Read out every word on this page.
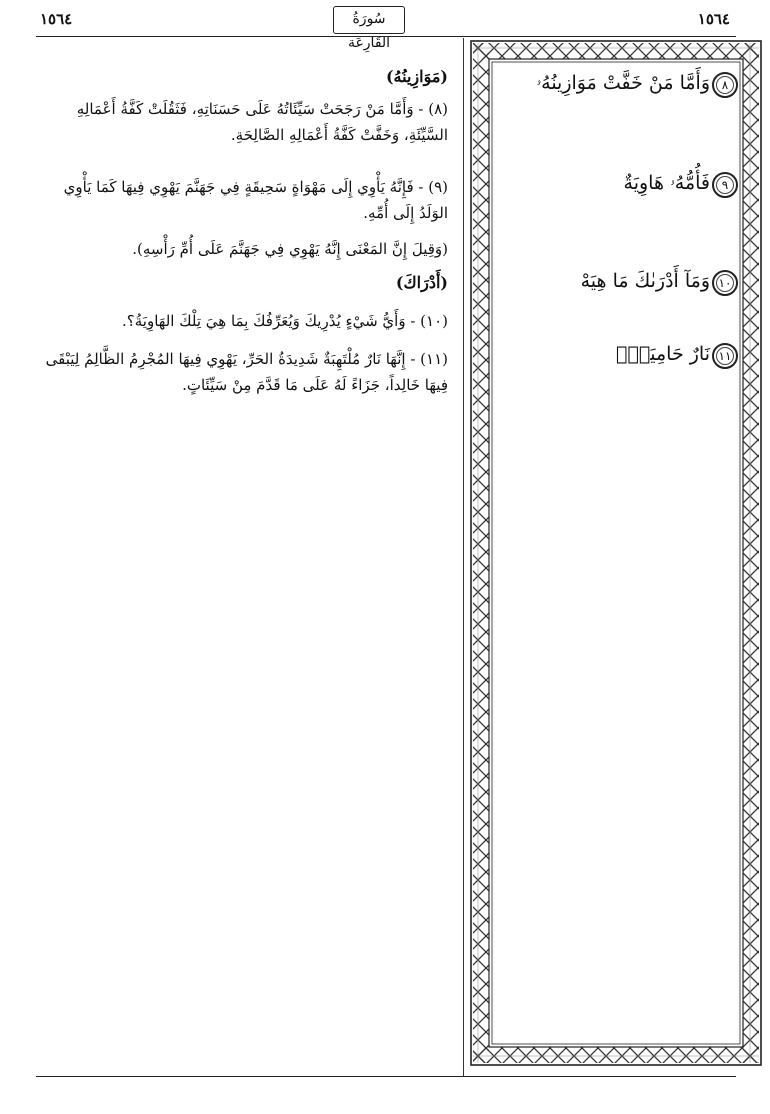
١٥٦٤	١٥٦٤
سُورَةُ القَارِعَة
وَأَمَّا مَنْ خَفَّتْ مَوَازِينُهُۥ ٨
فَأُمُّهُۥ هَاوِيَةٌ ٩
وَمَآ أَدْرَىٰكَ مَا هِيَهْ ١٠
نَارٌ حَامِيَةٌۢ ١١
(مَوَازِينُهُ)
(٨) - وَأَمَّا مَنْ رَجَحَتْ سَيِّئَاتُهُ عَلَى حَسَنَاتِهِ، فَثَقُلَتْ كَفَّةُ أَعْمَالِهِ السَّيِّئَةِ، وَخَفَّتْ كَفَّةُ أَعْمَالِهِ الصَّالِحَةِ.
(٩) - فَإِنَّهُ يَأْوِي إِلَى مَهْوَاةٍ سَحِيقَةٍ فِي جَهَنَّمَ يَهْوِي فِيهَا كَمَا يَأْوِي الوَلَدُ إِلَى أُمِّهِ.
(وَقِيلَ إِنَّ المَعْنَى إِنَّهُ يَهْوِي فِي جَهَنَّمَ عَلَى أُمِّ رَأْسِهِ).
(أَدْرَاكَ)
(١٠) - وَأَيُّ شَيْءٍ يُدْرِيكَ وَيُعَرِّفُكَ بِمَا هِيَ تِلْكَ الهَاوِيَةُ؟.
(١١) - إِنَّهَا نَارٌ مُلْتَهِبَةٌ شَدِيدَةُ الحَرِّ، يَهْوِي فِيهَا المُجْرِمُ الظَّالِمُ لِيَبْقَى فِيهَا خَالِداً، جَزَاءً لَهُ عَلَى مَا قَدَّمَ مِنْ سَيِّئَاتٍ.
